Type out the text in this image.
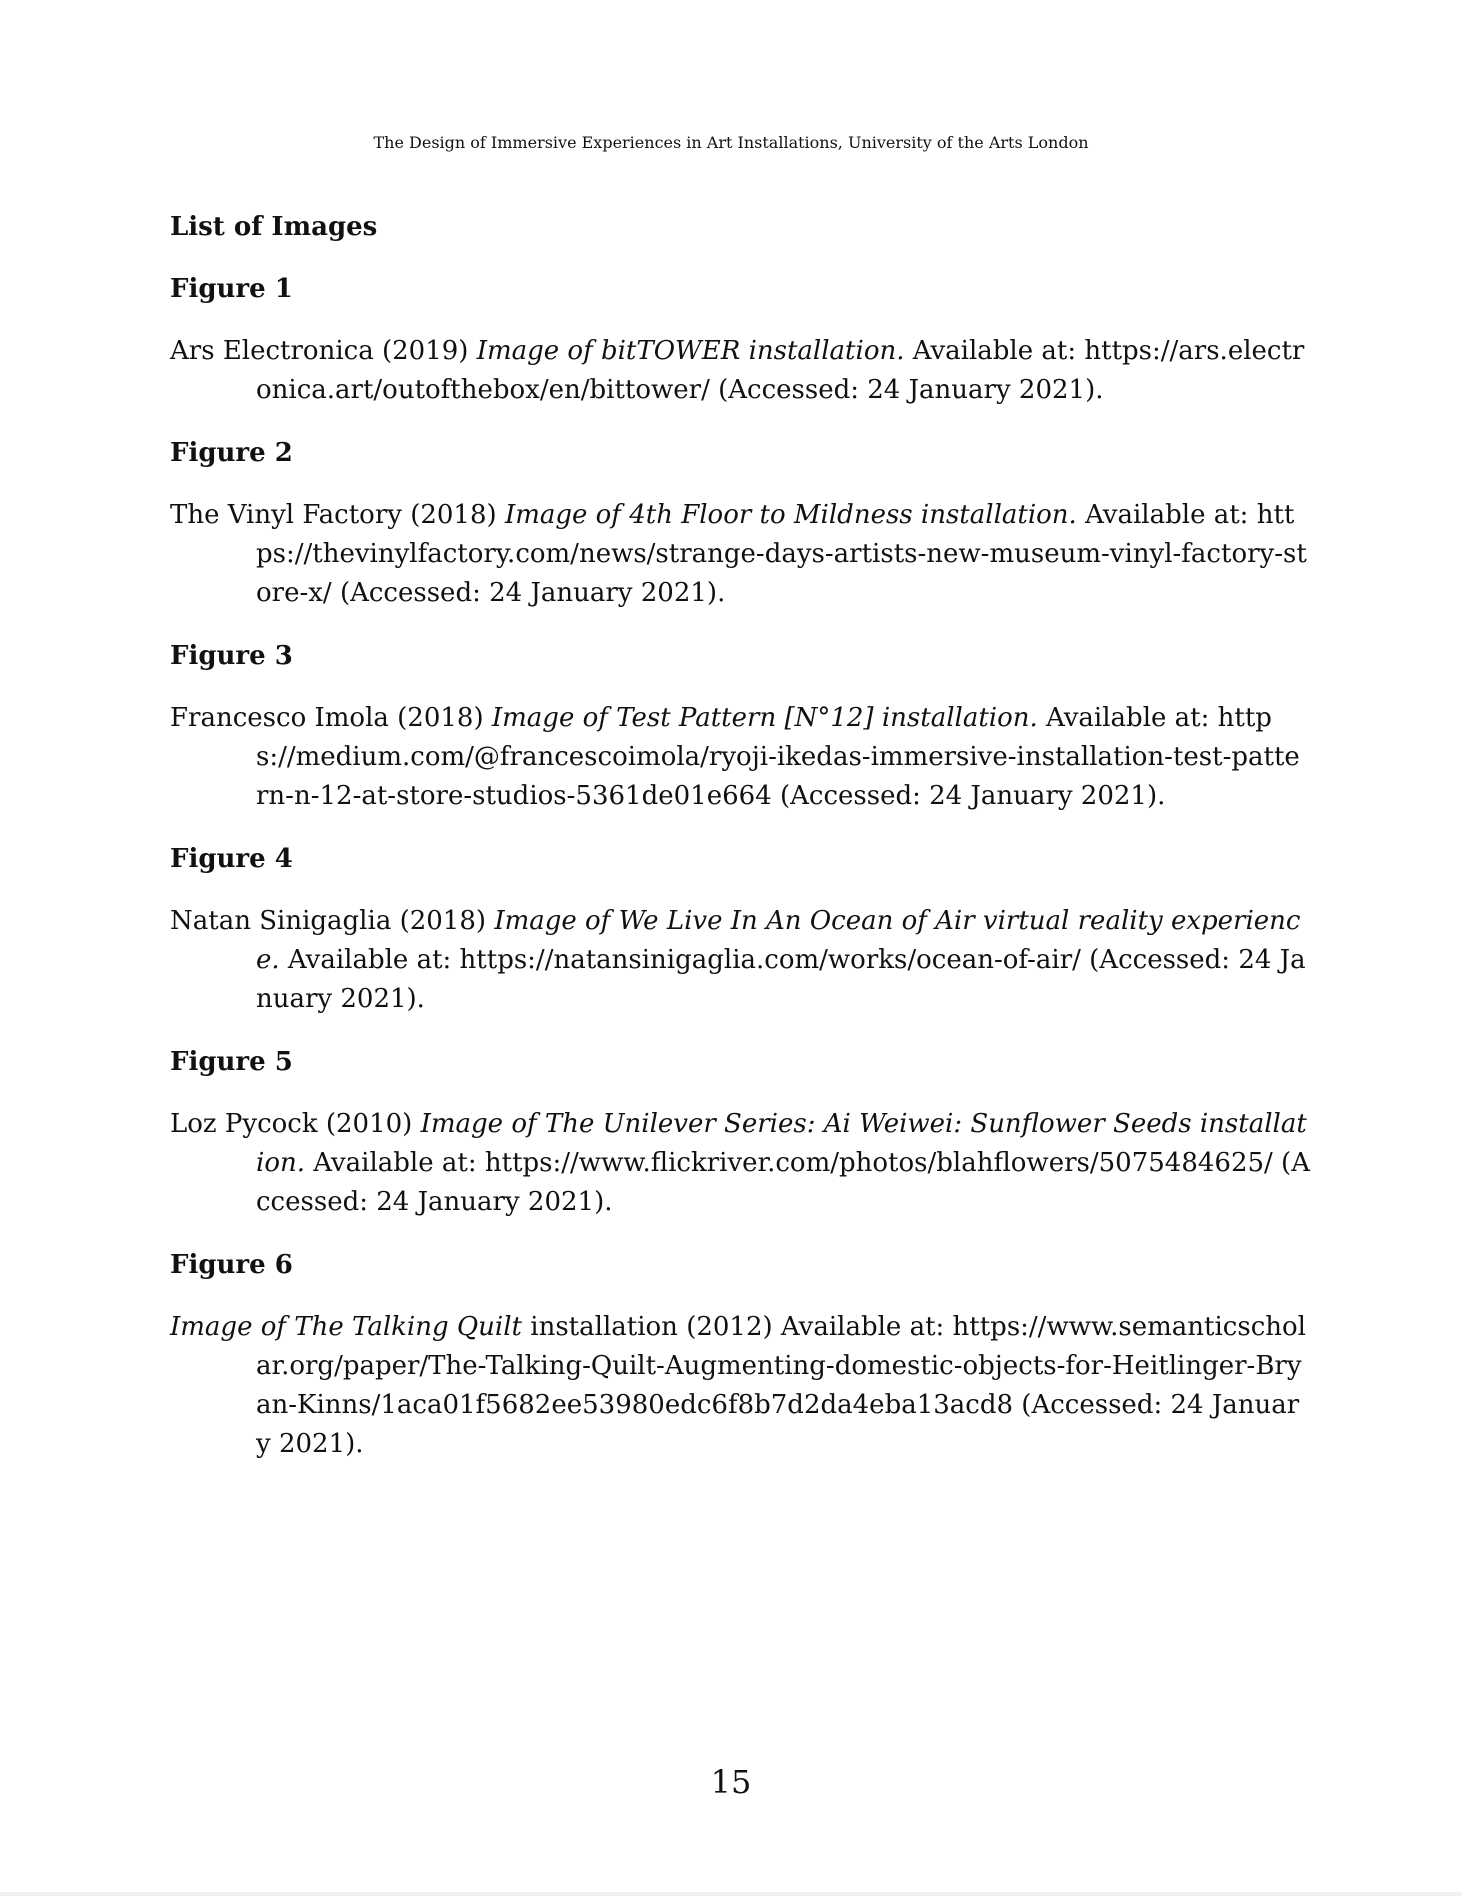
The Design of Immersive Experiences in Art Installations, University of the Arts London
List of Images
Figure 1

Ars Electronica (2019) Image of bitTOWER installation. Available at: https://ars.electronica.art/outofthebox/en/bittower/ (Accessed: 24 January 2021).

Figure 2

The Vinyl Factory (2018) Image of 4th Floor to Mildness installation. Available at: https://thevinylfactory.com/news/strange-days-artists-new-museum-vinyl-factory-store-x/ (Accessed: 24 January 2021).

Figure 3

Francesco Imola (2018) Image of Test Pattern [N°12] installation. Available at: https://medium.com/@francescoimola/ryoji-ikedas-immersive-installation-test-pattern-n-12-at-store-studios-5361de01e664 (Accessed: 24 January 2021).

Figure 4

Natan Sinigaglia (2018) Image of We Live In An Ocean of Air virtual reality experience. Available at: https://natansinigaglia.com/works/ocean-of-air/ (Accessed: 24 January 2021).

Figure 5

Loz Pycock (2010) Image of The Unilever Series: Ai Weiwei: Sunflower Seeds installation. Available at: https://www.flickriver.com/photos/blahflowers/5075484625/ (Accessed: 24 January 2021).

Figure 6

Image of The Talking Quilt installation (2012) Available at: https://www.semanticscholar.org/paper/The-Talking-Quilt-Augmenting-domestic-objects-for-Heitlinger-Bryan-Kinns/1aca01f5682ee53980edc6f8b7d2da4eba13acd8 (Accessed: 24 January 2021).

15
